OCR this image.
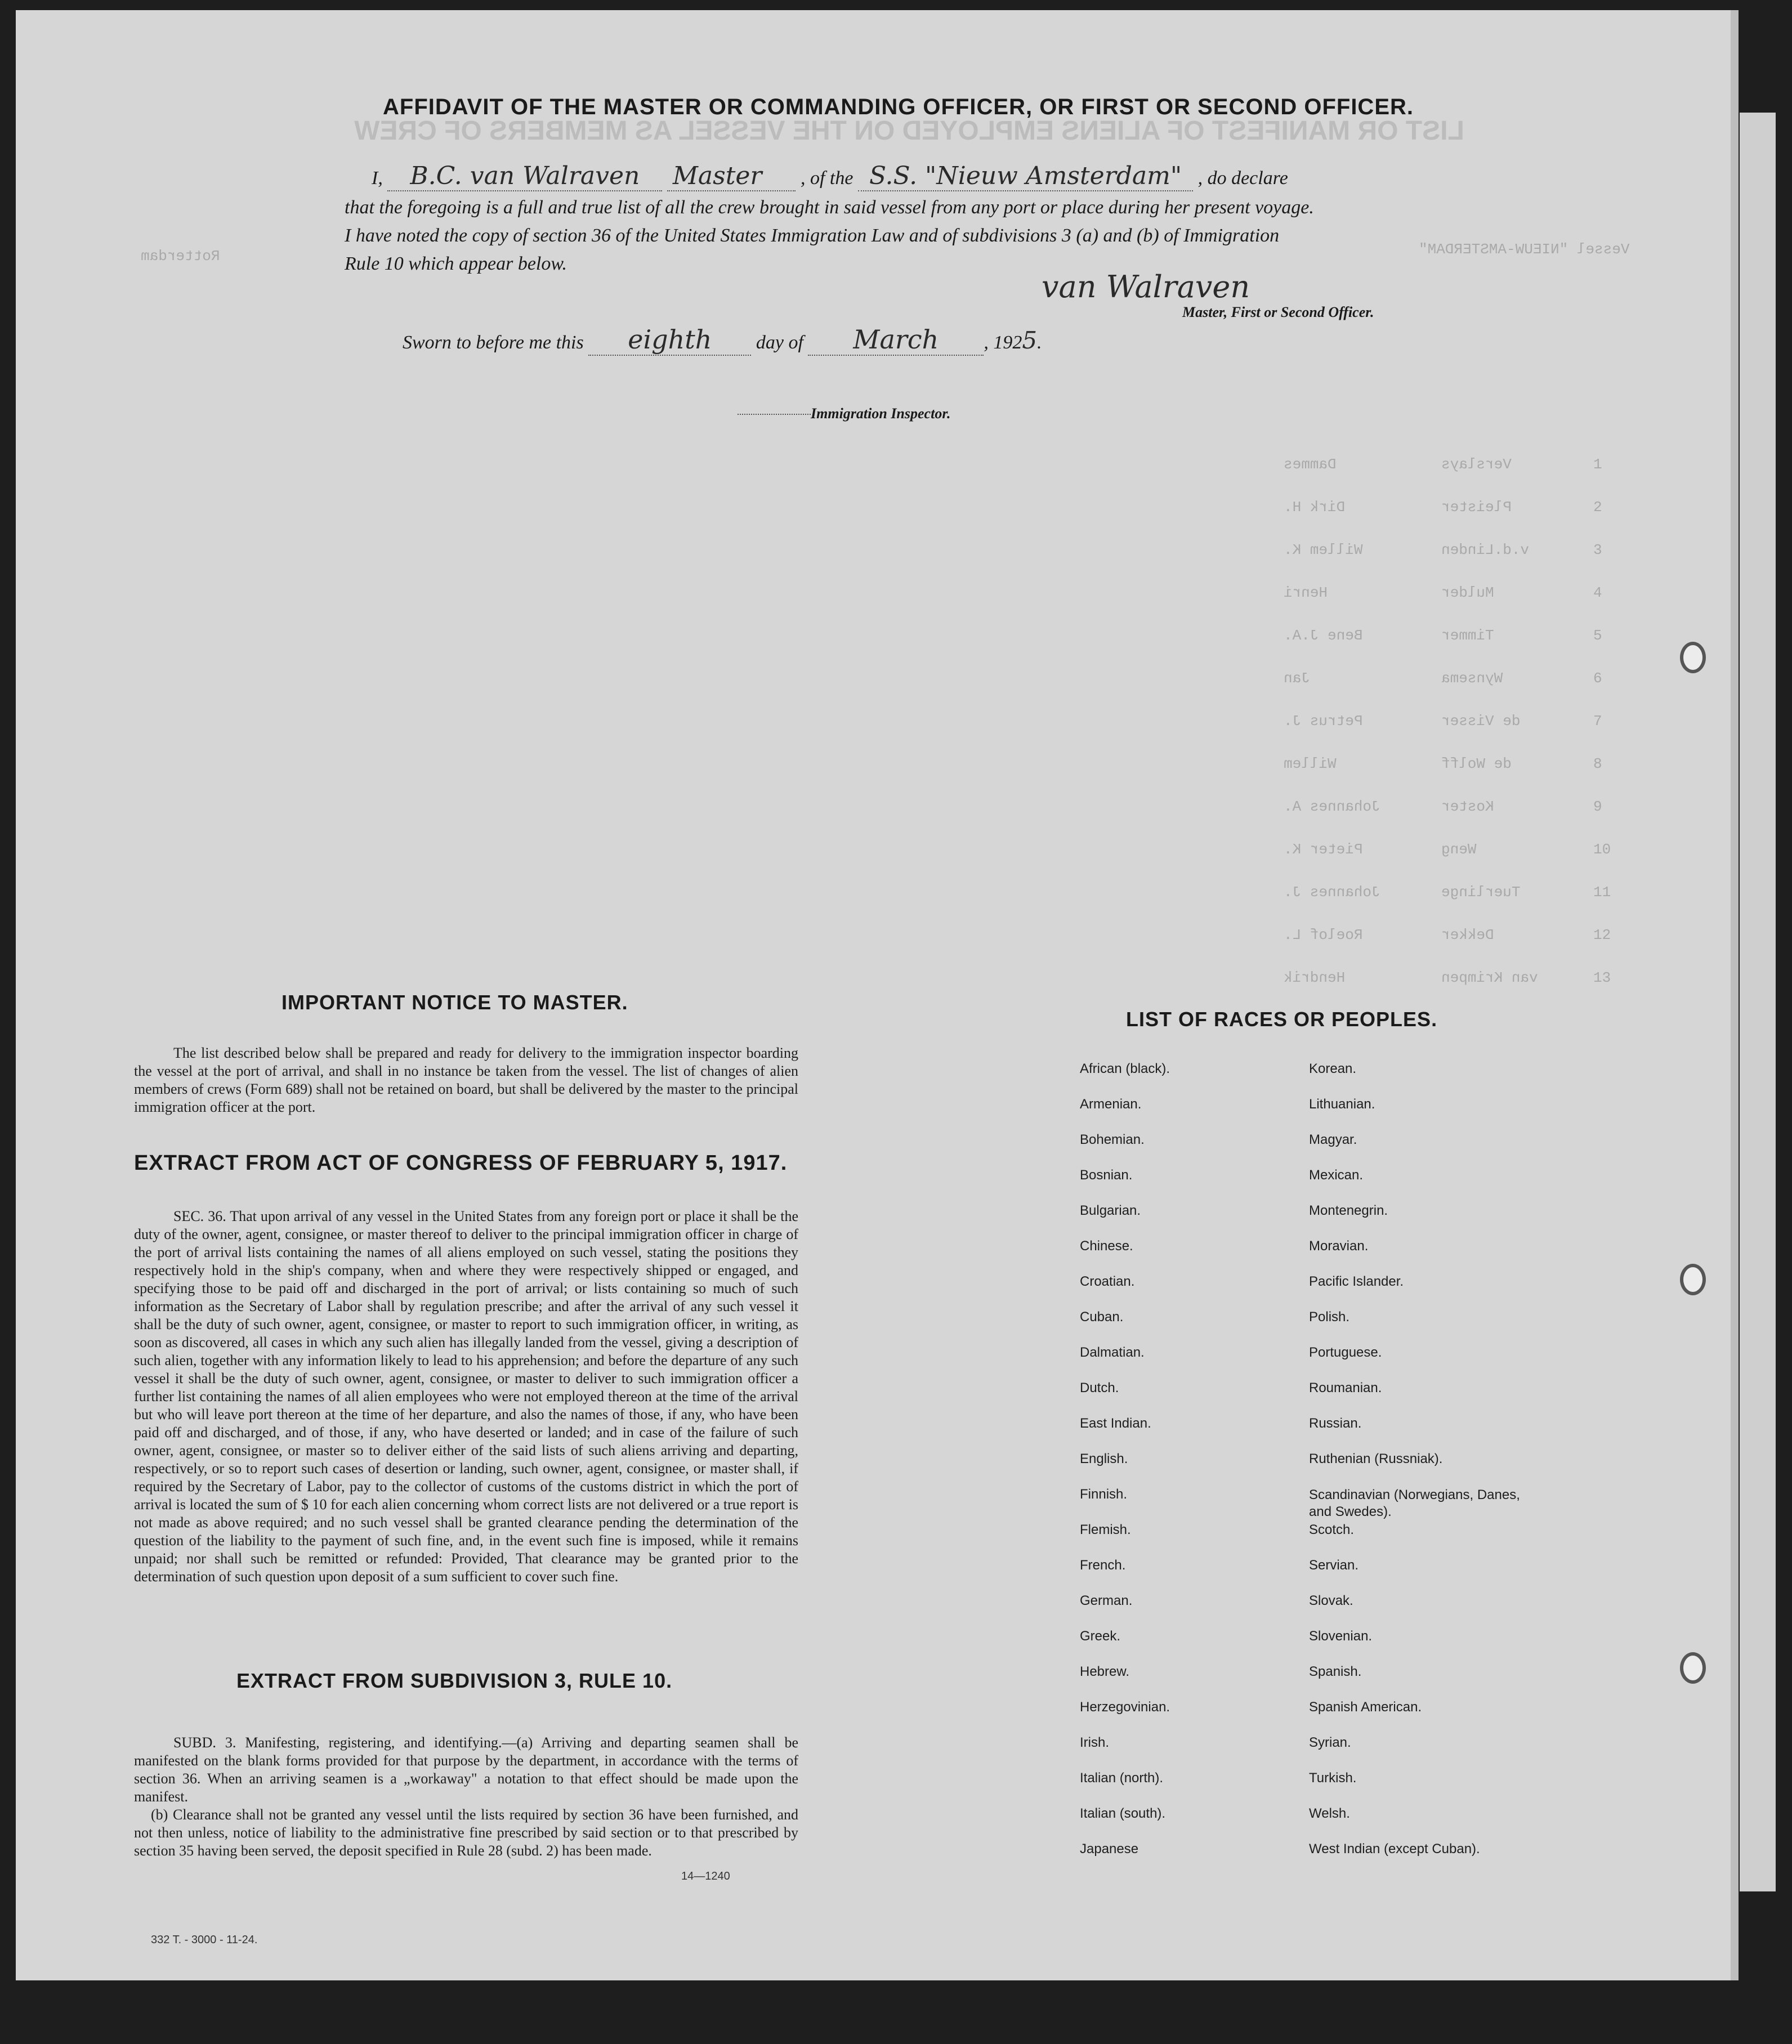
LIST OR MANIFEST OF ALIENS EMPLOYED ON THE VESSEL AS MEMBERS OF CREW
Vessel "NIEUW-AMSTERDAM"
Rotterdam
1
Verslays
Dammes
2
Pleister
Dirk H.
3
v.d.Linden
Willem K.
4
Mulder
Henri
5
Timmer
Bene J.A.
6
Wynsema
Jan
7
de Visser
Petrus J.
8
de Wolff
Willem
9
Koster
Johannes A.
10
Weng
Pieter K.
11
Tuerlinge
Johannes J.
12
Dekker
Roelof L.
13
van Krimpen
Hendrik
AFFIDAVIT OF THE MASTER OR COMMANDING OFFICER, OR FIRST OR SECOND OFFICER.
I, B.C. van Walraven Master , of the S.S. "Nieuw Amsterdam" , do declare
that the foregoing is a full and true list of all the crew brought in said vessel from any port or place during her present voyage.
I have noted the copy of section 36 of the United States Immigration Law and of subdivisions 3 (a) and (b) of Immigration
Rule 10 which appear below.
van Walraven
Master, First or Second Officer.
Sworn to before me this eighth day of March , 1925.
Immigration Inspector.
IMPORTANT NOTICE TO MASTER.
The list described below shall be prepared and ready for delivery to the immigration inspector boarding the vessel at the port of arrival, and shall in no instance be taken from the vessel. The list of changes of alien members of crews (Form 689) shall not be retained on board, but shall be delivered by the master to the principal immigration officer at the port.
EXTRACT FROM ACT OF CONGRESS OF FEBRUARY 5, 1917.
SEC. 36. That upon arrival of any vessel in the United States from any foreign port or place it shall be the duty of the owner, agent, consignee, or master thereof to deliver to the principal immigration officer in charge of the port of arrival lists containing the names of all aliens employed on such vessel, stating the positions they respectively hold in the ship's company, when and where they were respectively shipped or engaged, and specifying those to be paid off and discharged in the port of arrival; or lists containing so much of such information as the Secretary of Labor shall by regulation prescribe; and after the arrival of any such vessel it shall be the duty of such owner, agent, consignee, or master to report to such immigration officer, in writing, as soon as discovered, all cases in which any such alien has illegally landed from the vessel, giving a description of such alien, together with any information likely to lead to his apprehension; and before the departure of any such vessel it shall be the duty of such owner, agent, consignee, or master to deliver to such immigration officer a further list containing the names of all alien employees who were not employed thereon at the time of the arrival but who will leave port thereon at the time of her departure, and also the names of those, if any, who have been paid off and discharged, and of those, if any, who have deserted or landed; and in case of the failure of such owner, agent, consignee, or master so to deliver either of the said lists of such aliens arriving and departing, respectively, or so to report such cases of desertion or landing, such owner, agent, consignee, or master shall, if required by the Secretary of Labor, pay to the collector of customs of the customs district in which the port of arrival is located the sum of $ 10 for each alien concerning whom correct lists are not delivered or a true report is not made as above required; and no such vessel shall be granted clearance pending the determination of the question of the liability to the payment of such fine, and, in the event such fine is imposed, while it remains unpaid; nor shall such be remitted or refunded: Provided, That clearance may be granted prior to the determination of such question upon deposit of a sum sufficient to cover such fine.
EXTRACT FROM SUBDIVISION 3, RULE 10.
SUBD. 3. Manifesting, registering, and identifying.—(a) Arriving and departing seamen shall be manifested on the blank forms provided for that purpose by the department, in accordance with the terms of section 36. When an arriving seamen is a „workaway" a notation to that effect should be made upon the manifest.
(b) Clearance shall not be granted any vessel until the lists required by section 36 have been furnished, and not then unless, notice of liability to the administrative fine prescribed by said section or to that prescribed by section 35 having been served, the deposit specified in Rule 28 (subd. 2) has been made.
14—1240
LIST OF RACES OR PEOPLES.
African (black).
Armenian.
Bohemian.
Bosnian.
Bulgarian.
Chinese.
Croatian.
Cuban.
Dalmatian.
Dutch.
East Indian.
English.
Finnish.
Flemish.
French.
German.
Greek.
Hebrew.
Herzegovinian.
Irish.
Italian (north).
Italian (south).
Japanese
Korean.
Lithuanian.
Magyar.
Mexican.
Montenegrin.
Moravian.
Pacific Islander.
Polish.
Portuguese.
Roumanian.
Russian.
Ruthenian (Russniak).
Scandinavian (Norwegians, Danes, and Swedes).
Scotch.
Servian.
Slovak.
Slovenian.
Spanish.
Spanish American.
Syrian.
Turkish.
Welsh.
West Indian (except Cuban).
332 T. - 3000 - 11-24.
